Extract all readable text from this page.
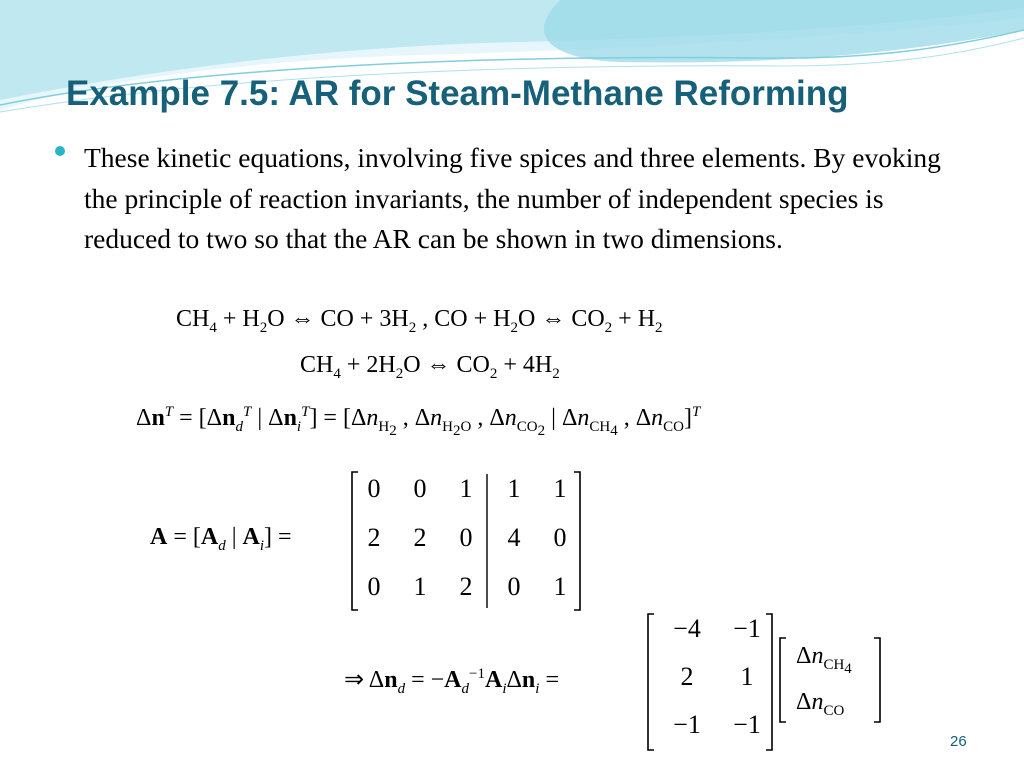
Example 7.5: AR for Steam-Methane Reforming
These kinetic equations, involving five spices and three elements. By evoking the principle of reaction invariants, the number of independent species is reduced to two so that the AR can be shown in two dimensions.
$CH_4 + H_2O$ ⇔ CO + $3H_2$ , CO + $H_2O$ ⇔ $CO_2 + H_2$
$CH_4 + 2H_2O$ ⇔ $CO_2 + 4H_2$
$\Delta n^T = [\Delta n_d^T$ | $\Delta n_i^T] = [\Delta n_{H_2}$ , $\Delta n_{H_2O}$ , $\Delta n_{CO_2}$ | $\Delta n_{CH_4}$ , $\Delta n_{CO}]^T$
$A = [A_d$ | $A_i$] =
0	0	1	1	1
2	2	0	4	0
0	1	2	0	1
⇒ $\Delta n_d = -A_d^{-1}A_i\Delta n_i$ =
−4	−1
2	1
−1	−1
$\Delta n_{CH_4}$
$\Delta n_{CO}$
26
